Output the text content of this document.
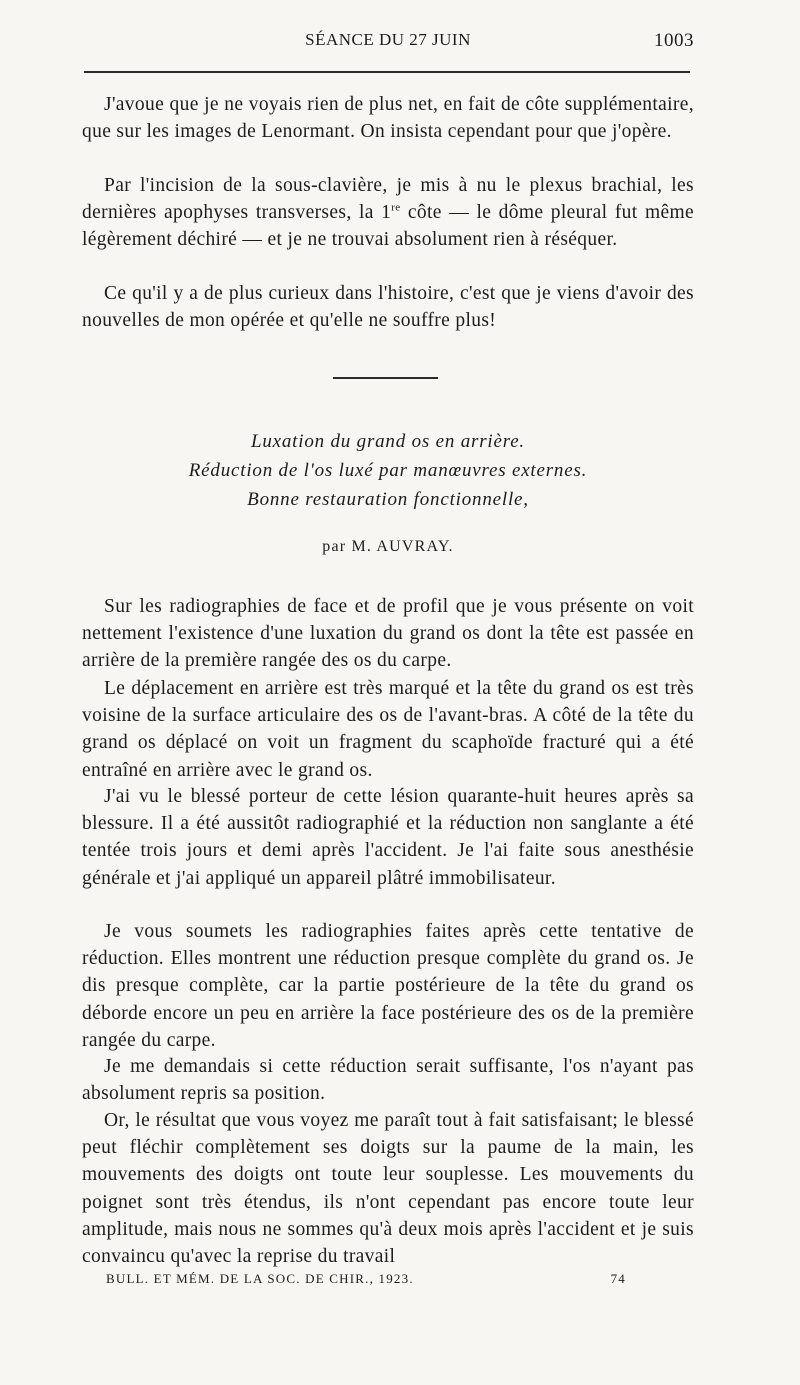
SÉANCE DU 27 JUIN	1003

J'avoue que je ne voyais rien de plus net, en fait de côte supplémentaire, que sur les images de Lenormant. On insista cependant pour que j'opère.

Par l'incision de la sous-clavière, je mis à nu le plexus brachial, les dernières apophyses transverses, la 1re côte — le dôme pleural fut même légèrement déchiré — et je ne trouvai absolument rien à réséquer.

Ce qu'il y a de plus curieux dans l'histoire, c'est que je viens d'avoir des nouvelles de mon opérée et qu'elle ne souffre plus!

Luxation du grand os en arrière.
Réduction de l'os luxé par manœuvres externes.
Bonne restauration fonctionnelle,
par M. AUVRAY.

Sur les radiographies de face et de profil que je vous présente on voit nettement l'existence d'une luxation du grand os dont la tête est passée en arrière de la première rangée des os du carpe.

Le déplacement en arrière est très marqué et la tête du grand os est très voisine de la surface articulaire des os de l'avant-bras. A côté de la tête du grand os déplacé on voit un fragment du scaphoïde fracturé qui a été entraîné en arrière avec le grand os.

J'ai vu le blessé porteur de cette lésion quarante-huit heures après sa blessure. Il a été aussitôt radiographié et la réduction non sanglante a été tentée trois jours et demi après l'accident. Je l'ai faite sous anesthésie générale et j'ai appliqué un appareil plâtré immobilisateur.

Je vous soumets les radiographies faites après cette tentative de réduction. Elles montrent une réduction presque complète du grand os. Je dis presque complète, car la partie postérieure de la tête du grand os déborde encore un peu en arrière la face postérieure des os de la première rangée du carpe.

Je me demandais si cette réduction serait suffisante, l'os n'ayant pas absolument repris sa position.

Or, le résultat que vous voyez me paraît tout à fait satisfaisant; le blessé peut fléchir complètement ses doigts sur la paume de la main, les mouvements des doigts ont toute leur souplesse. Les mouvements du poignet sont très étendus, ils n'ont cependant pas encore toute leur amplitude, mais nous ne sommes qu'à deux mois après l'accident et je suis convaincu qu'avec la reprise du travail

BULL. ET MÉM. DE LA SOC. DE CHIR., 1923.	74
